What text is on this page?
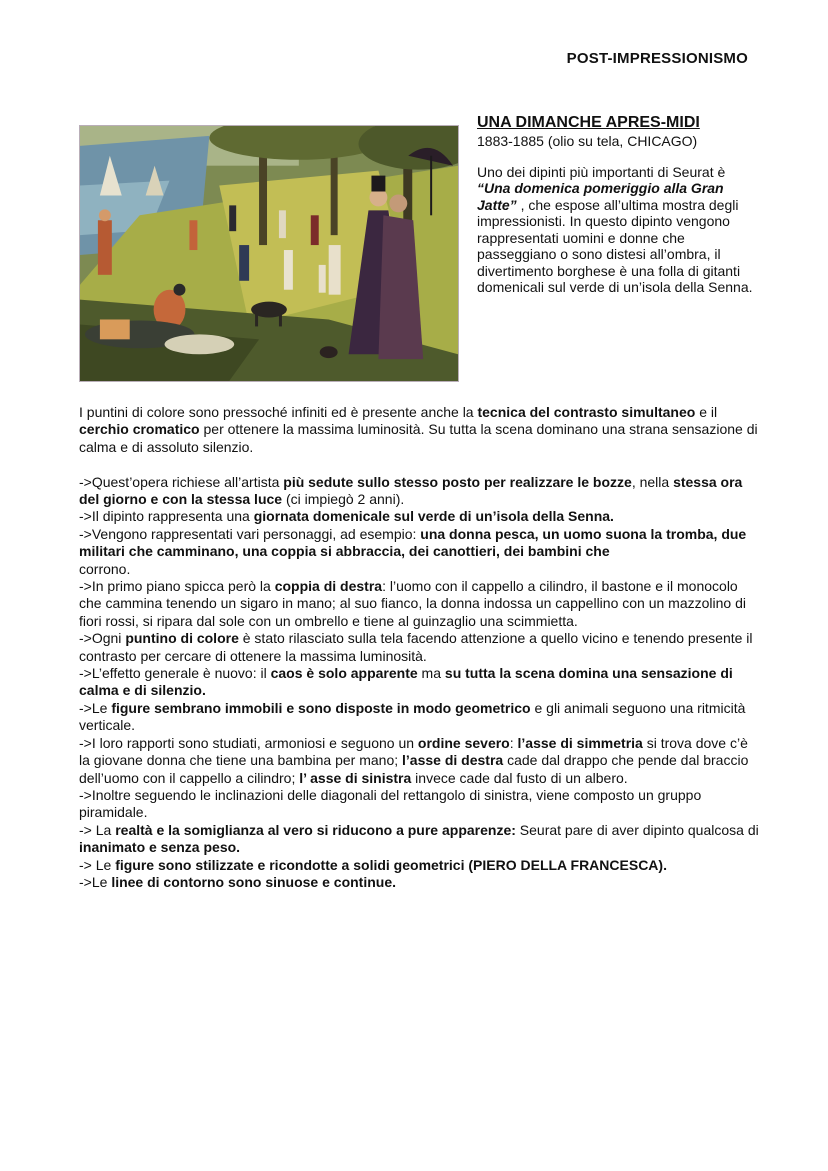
POST-IMPRESSIONISMO
UNA DIMANCHE APRES-MIDI

1883-1885 (olio su tela, CHICAGO)

Uno dei dipinti più importanti di Seurat è “Una domenica pomeriggio alla Gran Jatte” , che espose all’ultima mostra degli impressionisti. In questo dipinto vengono rappresentati uomini e donne che passeggiano o sono distesi all’ombra, il divertimento borghese è una folla di gitanti domenicali sul verde di un’isola della Senna.

I puntini di colore sono pressoché infiniti ed è presente anche la tecnica del contrasto simultaneo e il cerchio cromatico per ottenere la massima luminosità. Su tutta la scena dominano una strana sensazione di calma e di assoluto silenzio.

->Quest’opera richiese all’artista più sedute sullo stesso posto per realizzare le bozze, nella stessa ora del giorno e con la stessa luce (ci impiegò 2 anni).

->Il dipinto rappresenta una giornata domenicale sul verde di un’isola della Senna.

->Vengono rappresentati vari personaggi, ad esempio: una donna pesca, un uomo suona la tromba, due militari che camminano, una coppia si abbraccia, dei canottieri, dei bambini che

corrono.

->In primo piano spicca però la coppia di destra: l’uomo con il cappello a cilindro, il bastone e il monocolo che cammina tenendo un sigaro in mano; al suo fianco, la donna indossa un cappellino con un mazzolino di fiori rossi, si ripara dal sole con un ombrello e tiene al guinzaglio una scimmietta.

->Ogni puntino di colore è stato rilasciato sulla tela facendo attenzione a quello vicino e tenendo presente il contrasto per cercare di ottenere la massima luminosità.

->L’effetto generale è nuovo: il caos è solo apparente ma su tutta la scena domina una sensazione di calma e di silenzio.

->Le figure sembrano immobili e sono disposte in modo geometrico e gli animali seguono una ritmicità verticale.

->I loro rapporti sono studiati, armoniosi e seguono un ordine severo: l’asse di simmetria si trova dove c’è la giovane donna che tiene una bambina per mano; l’asse di destra cade dal drappo che pende dal braccio dell’uomo con il cappello a cilindro; l’ asse di sinistra invece cade dal fusto di un albero.

->Inoltre seguendo le inclinazioni delle diagonali del rettangolo di sinistra, viene composto un gruppo piramidale.

-> La realtà e la somiglianza al vero si riducono a pure apparenze: Seurat pare di aver dipinto qualcosa di inanimato e senza peso.

-> Le figure sono stilizzate e ricondotte a solidi geometrici (PIERO DELLA FRANCESCA).

->Le linee di contorno sono sinuose e continue.
